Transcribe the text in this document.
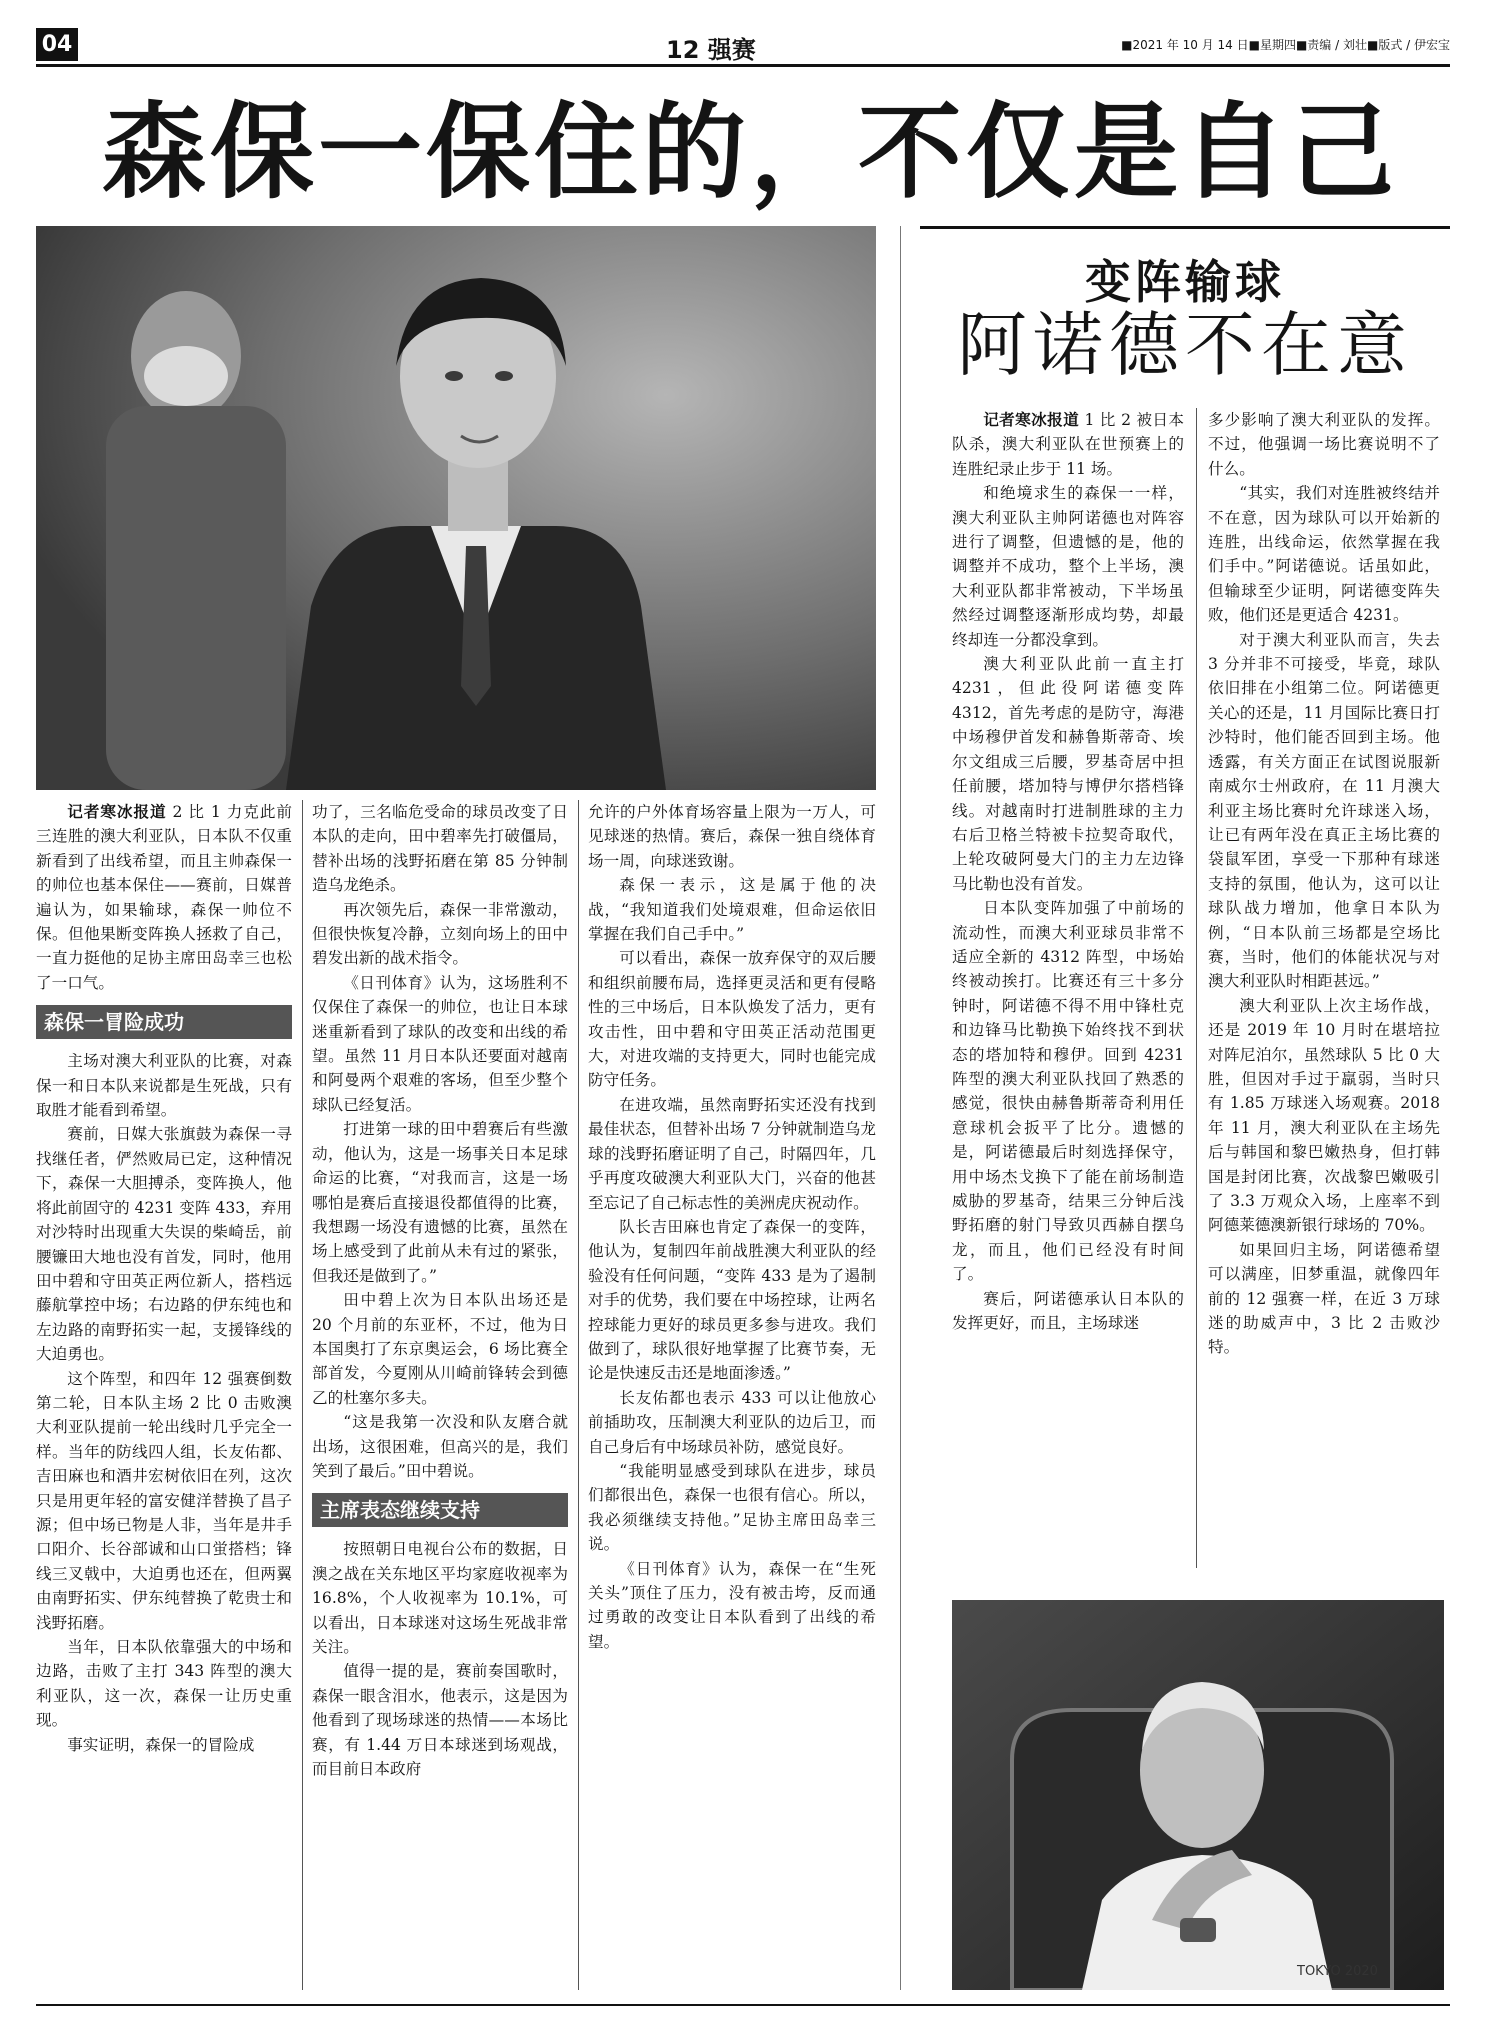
04	12 强赛	■2021 年 10 月 14 日■星期四■责编 / 刘壮■版式 / 伊宏宝
森保一保住的，不仅是自己

记者寒冰报道 2 比 1 力克此前三连胜的澳大利亚队，日本队不仅重新看到了出线希望，而且主帅森保一的帅位也基本保住——赛前，日媒普遍认为，如果输球，森保一帅位不保。但他果断变阵换人拯救了自己，一直力挺他的足协主席田岛幸三也松了一口气。

森保一冒险成功

主场对澳大利亚队的比赛，对森保一和日本队来说都是生死战，只有取胜才能看到希望。

赛前，日媒大张旗鼓为森保一寻找继任者，俨然败局已定，这种情况下，森保一大胆搏杀，变阵换人，他将此前固守的 4231 变阵 433，弃用对沙特时出现重大失误的柴崎岳，前腰镰田大地也没有首发，同时，他用田中碧和守田英正两位新人，搭档远藤航掌控中场；右边路的伊东纯也和左边路的南野拓实一起，支援锋线的大迫勇也。

这个阵型，和四年 12 强赛倒数第二轮，日本队主场 2 比 0 击败澳大利亚队提前一轮出线时几乎完全一样。当年的防线四人组，长友佑都、吉田麻也和酒井宏树依旧在列，这次只是用更年轻的富安健洋替换了昌子源；但中场已物是人非，当年是井手口阳介、长谷部诚和山口蛍搭档；锋线三叉戟中，大迫勇也还在，但两翼由南野拓实、伊东纯替换了乾贵士和浅野拓磨。

当年，日本队依靠强大的中场和边路，击败了主打 343 阵型的澳大利亚队，这一次，森保一让历史重现。

事实证明，森保一的冒险成

功了，三名临危受命的球员改变了日本队的走向，田中碧率先打破僵局，替补出场的浅野拓磨在第 85 分钟制造乌龙绝杀。

再次领先后，森保一非常激动，但很快恢复冷静，立刻向场上的田中碧发出新的战术指令。

《日刊体育》认为，这场胜利不仅保住了森保一的帅位，也让日本球迷重新看到了球队的改变和出线的希望。虽然 11 月日本队还要面对越南和阿曼两个艰难的客场，但至少整个球队已经复活。

打进第一球的田中碧赛后有些激动，他认为，这是一场事关日本足球命运的比赛，“对我而言，这是一场哪怕是赛后直接退役都值得的比赛，我想踢一场没有遗憾的比赛，虽然在场上感受到了此前从未有过的紧张，但我还是做到了。”

田中碧上次为日本队出场还是 20 个月前的东亚杯，不过，他为日本国奥打了东京奥运会，6 场比赛全部首发，今夏刚从川崎前锋转会到德乙的杜塞尔多夫。

“这是我第一次没和队友磨合就出场，这很困难，但高兴的是，我们笑到了最后。”田中碧说。

主席表态继续支持

按照朝日电视台公布的数据，日澳之战在关东地区平均家庭收视率为 16.8%，个人收视率为 10.1%，可以看出，日本球迷对这场生死战非常关注。

值得一提的是，赛前奏国歌时，森保一眼含泪水，他表示，这是因为他看到了现场球迷的热情——本场比赛，有 1.44 万日本球迷到场观战，而目前日本政府

允许的户外体育场容量上限为一万人，可见球迷的热情。赛后，森保一独自绕体育场一周，向球迷致谢。

森保一表示，这是属于他的决战，“我知道我们处境艰难，但命运依旧掌握在我们自己手中。”

可以看出，森保一放弃保守的双后腰和组织前腰布局，选择更灵活和更有侵略性的三中场后，日本队焕发了活力，更有攻击性，田中碧和守田英正活动范围更大，对进攻端的支持更大，同时也能完成防守任务。

在进攻端，虽然南野拓实还没有找到最佳状态，但替补出场 7 分钟就制造乌龙球的浅野拓磨证明了自己，时隔四年，几乎再度攻破澳大利亚队大门，兴奋的他甚至忘记了自己标志性的美洲虎庆祝动作。

队长吉田麻也肯定了森保一的变阵，他认为，复制四年前战胜澳大利亚队的经验没有任何问题，“变阵 433 是为了遏制对手的优势，我们要在中场控球，让两名控球能力更好的球员更多参与进攻。我们做到了，球队很好地掌握了比赛节奏，无论是快速反击还是地面渗透。”

长友佑都也表示 433 可以让他放心前插助攻，压制澳大利亚队的边后卫，而自己身后有中场球员补防，感觉良好。

“我能明显感受到球队在进步，球员们都很出色，森保一也很有信心。所以，我必须继续支持他。”足协主席田岛幸三说。

《日刊体育》认为，森保一在“生死关头”顶住了压力，没有被击垮，反而通过勇敢的改变让日本队看到了出线的希望。

变阵输球
阿诺德不在意

记者寒冰报道 1 比 2 被日本队杀，澳大利亚队在世预赛上的连胜纪录止步于 11 场。

和绝境求生的森保一一样，澳大利亚队主帅阿诺德也对阵容进行了调整，但遗憾的是，他的调整并不成功，整个上半场，澳大利亚队都非常被动，下半场虽然经过调整逐渐形成均势，却最终却连一分都没拿到。

澳大利亚队此前一直主打 4231，但此役阿诺德变阵 4312，首先考虑的是防守，海港中场穆伊首发和赫鲁斯蒂奇、埃尔文组成三后腰，罗基奇居中担任前腰，塔加特与博伊尔搭档锋线。对越南时打进制胜球的主力右后卫格兰特被卡拉契奇取代，上轮攻破阿曼大门的主力左边锋马比勒也没有首发。

日本队变阵加强了中前场的流动性，而澳大利亚球员非常不适应全新的 4312 阵型，中场始终被动挨打。比赛还有三十多分钟时，阿诺德不得不用中锋杜克和边锋马比勒换下始终找不到状态的塔加特和穆伊。回到 4231 阵型的澳大利亚队找回了熟悉的感觉，很快由赫鲁斯蒂奇利用任意球机会扳平了比分。遗憾的是，阿诺德最后时刻选择保守，用中场杰戈换下了能在前场制造威胁的罗基奇，结果三分钟后浅野拓磨的射门导致贝西赫自摆乌龙，而且，他们已经没有时间了。

赛后，阿诺德承认日本队的发挥更好，而且，主场球迷

多少影响了澳大利亚队的发挥。不过，他强调一场比赛说明不了什么。

“其实，我们对连胜被终结并不在意，因为球队可以开始新的连胜，出线命运，依然掌握在我们手中。”阿诺德说。话虽如此，但输球至少证明，阿诺德变阵失败，他们还是更适合 4231。

对于澳大利亚队而言，失去 3 分并非不可接受，毕竟，球队依旧排在小组第二位。阿诺德更关心的还是，11 月国际比赛日打沙特时，他们能否回到主场。他透露，有关方面正在试图说服新南威尔士州政府，在 11 月澳大利亚主场比赛时允许球迷入场，让已有两年没在真正主场比赛的袋鼠军团，享受一下那种有球迷支持的氛围，他认为，这可以让球队战力增加，他拿日本队为例，“日本队前三场都是空场比赛，当时，他们的体能状况与对澳大利亚队时相距甚远。”

澳大利亚队上次主场作战，还是 2019 年 10 月时在堪培拉对阵尼泊尔，虽然球队 5 比 0 大胜，但因对手过于羸弱，当时只有 1.85 万球迷入场观赛。2018 年 11 月，澳大利亚队在主场先后与韩国和黎巴嫩热身，但打韩国是封闭比赛，次战黎巴嫩吸引了 3.3 万观众入场，上座率不到阿德莱德澳新银行球场的 70%。

如果回归主场，阿诺德希望可以满座，旧梦重温，就像四年前的 12 强赛一样，在近 3 万球迷的助威声中，3 比 2 击败沙特。

TOKYO 2020
